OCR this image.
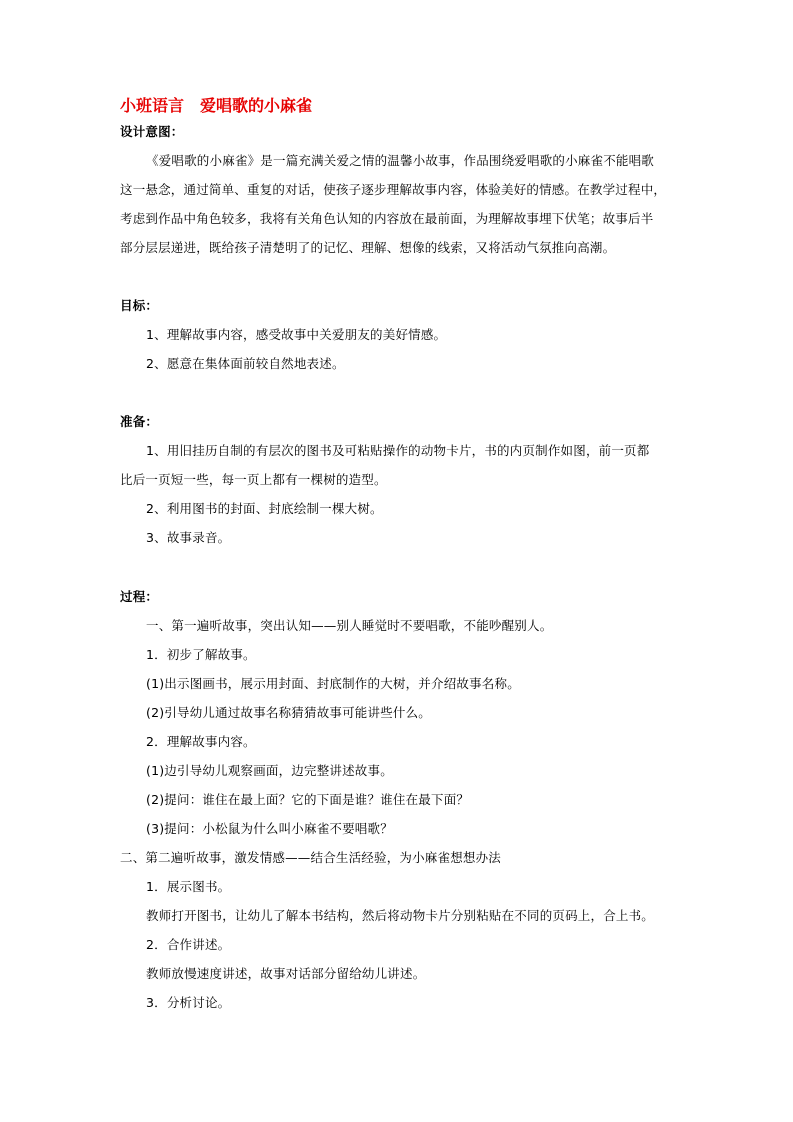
小班语言　爱唱歌的小麻雀
设计意图：
《爱唱歌的小麻雀》是一篇充满关爱之情的温馨小故事，作品围绕爱唱歌的小麻雀不能唱歌
这一悬念，通过简单、重复的对话，使孩子逐步理解故事内容，体验美好的情感。在教学过程中，
考虑到作品中角色较多，我将有关角色认知的内容放在最前面，为理解故事埋下伏笔；故事后半
部分层层递进，既给孩子清楚明了的记忆、理解、想像的线索，又将活动气氛推向高潮。
目标：
1、理解故事内容，感受故事中关爱朋友的美好情感。
2、愿意在集体面前较自然地表述。
准备：
1、用旧挂历自制的有层次的图书及可粘贴操作的动物卡片，书的内页制作如图，前一页都
比后一页短一些，每一页上都有一棵树的造型。
2、利用图书的封面、封底绘制一棵大树。
3、故事录音。
过程：
一、第一遍听故事，突出认知——别人睡觉时不要唱歌，不能吵醒别人。
1．初步了解故事。
(1)出示图画书，展示用封面、封底制作的大树，并介绍故事名称。
(2)引导幼儿通过故事名称猜猜故事可能讲些什么。
2．理解故事内容。
(1)边引导幼儿观察画面，边完整讲述故事。
(2)提问：谁住在最上面？它的下面是谁？谁住在最下面？
(3)提问：小松鼠为什么叫小麻雀不要唱歌？
二、第二遍听故事，激发情感——结合生活经验，为小麻雀想想办法
1．展示图书。
教师打开图书，让幼儿了解本书结构，然后将动物卡片分别粘贴在不同的页码上，合上书。
2．合作讲述。
教师放慢速度讲述，故事对话部分留给幼儿讲述。
3．分析讨论。
